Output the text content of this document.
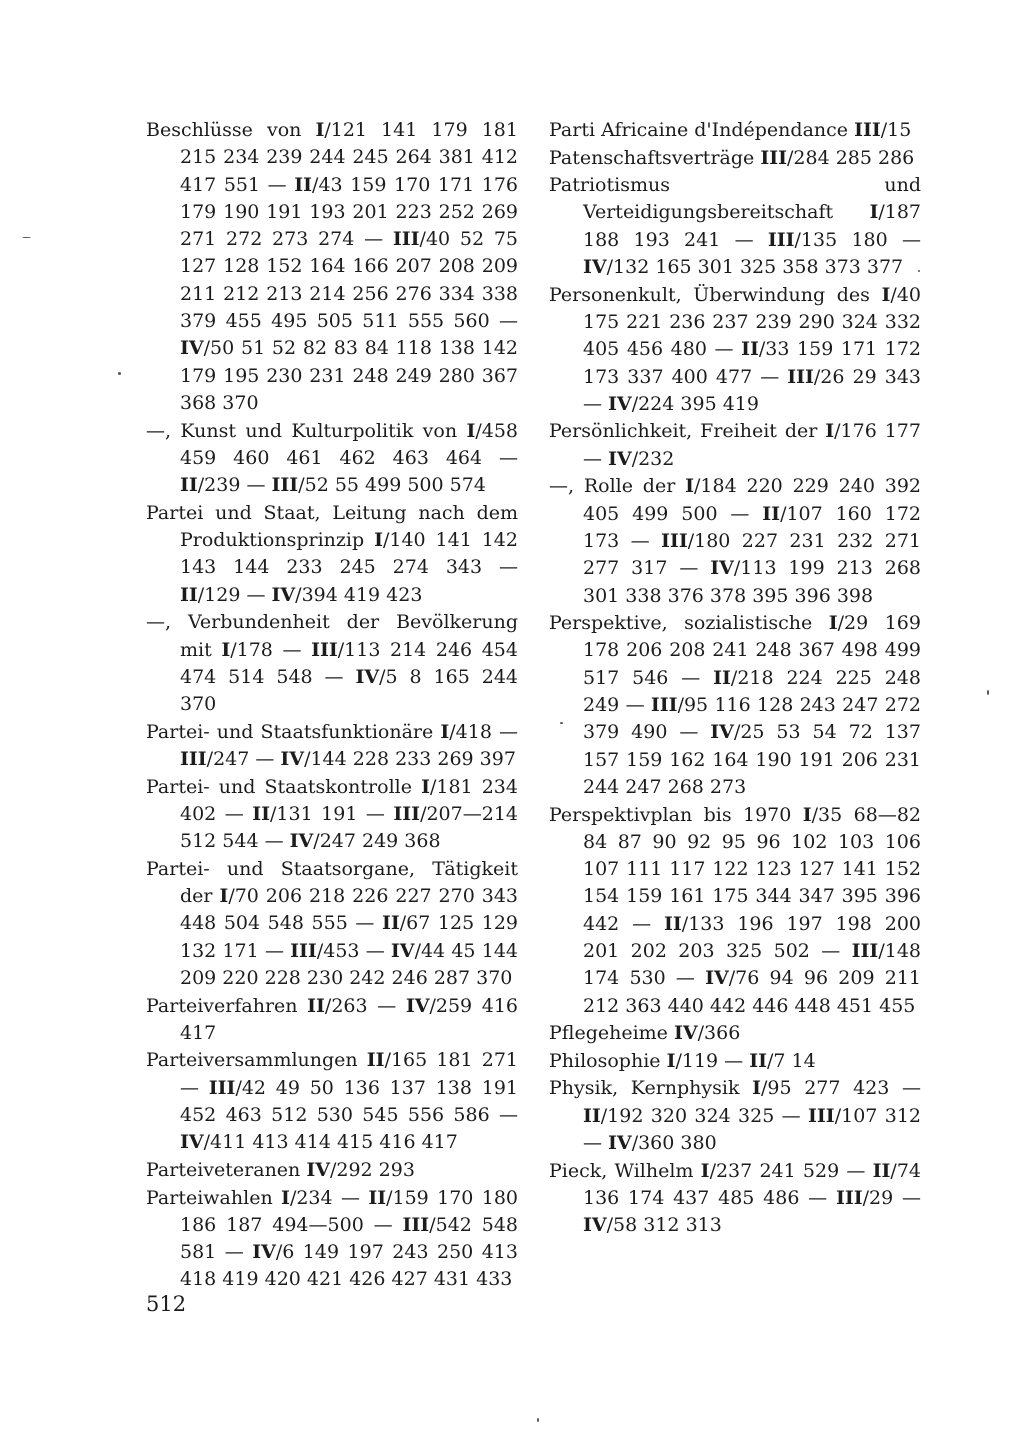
Beschlüsse von I/121 141 179 181 215 234 239 244 245 264 381 412 417 551 — II/43 159 170 171 176 179 190 191 193 201 223 252 269 271 272 273 274 — III/40 52 75 127 128 152 164 166 207 208 209 211 212 213 214 256 276 334 338 379 455 495 505 511 555 560 — IV/50 51 52 82 83 84 118 138 142 179 195 230 231 248 249 280 367 368 370
—, Kunst und Kulturpolitik von I/458 459 460 461 462 463 464 — II/239 — III/52 55 499 500 574
Partei und Staat, Leitung nach dem Produktionsprinzip I/140 141 142 143 144 233 245 274 343 — II/129 — IV/394 419 423
—, Verbundenheit der Bevölkerung mit I/178 — III/113 214 246 454 474 514 548 — IV/5 8 165 244 370
Partei- und Staatsfunktionäre I/418 — III/247 — IV/144 228 233 269 397
Partei- und Staatskontrolle I/181 234 402 — II/131 191 — III/207—214 512 544 — IV/247 249 368
Partei- und Staatsorgane, Tätigkeit der I/70 206 218 226 227 270 343 448 504 548 555 — II/67 125 129 132 171 — III/453 — IV/44 45 144 209 220 228 230 242 246 287 370
Parteiverfahren II/263 — IV/259 416 417
Parteiversammlungen II/165 181 271 — III/42 49 50 136 137 138 191 452 463 512 530 545 556 586 — IV/411 413 414 415 416 417
Parteiveteranen IV/292 293
Parteiwahlen I/234 — II/159 170 180 186 187 494—500 — III/542 548 581 — IV/6 149 197 243 250 413 418 419 420 421 426 427 431 433
Parti Africaine d'Indépendance III/15
Patenschaftsverträge III/284 285 286
Patriotismus und Verteidigungsbereitschaft I/187 188 193 241 — III/135 180 — IV/132 165 301 325 358 373 377
Personenkult, Überwindung des I/40 175 221 236 237 239 290 324 332 405 456 480 — II/33 159 171 172 173 337 400 477 — III/26 29 343 — IV/224 395 419
Persönlichkeit, Freiheit der I/176 177 — IV/232
—, Rolle der I/184 220 229 240 392 405 499 500 — II/107 160 172 173 — III/180 227 231 232 271 277 317 — IV/113 199 213 268 301 338 376 378 395 396 398
Perspektive, sozialistische I/29 169 178 206 208 241 248 367 498 499 517 546 — II/218 224 225 248 249 — III/95 116 128 243 247 272 379 490 — IV/25 53 54 72 137 157 159 162 164 190 191 206 231 244 247 268 273
Perspektivplan bis 1970 I/35 68—82 84 87 90 92 95 96 102 103 106 107 111 117 122 123 127 141 152 154 159 161 175 344 347 395 396 442 — II/133 196 197 198 200 201 202 203 325 502 — III/148 174 530 — IV/76 94 96 209 211 212 363 440 442 446 448 451 455
Pflegeheime IV/366
Philosophie I/119 — II/7 14
Physik, Kernphysik I/95 277 423 — II/192 320 324 325 — III/107 312 — IV/360 380
Pieck, Wilhelm I/237 241 529 — II/74 136 174 437 485 486 — III/29 — IV/58 312 313
512
